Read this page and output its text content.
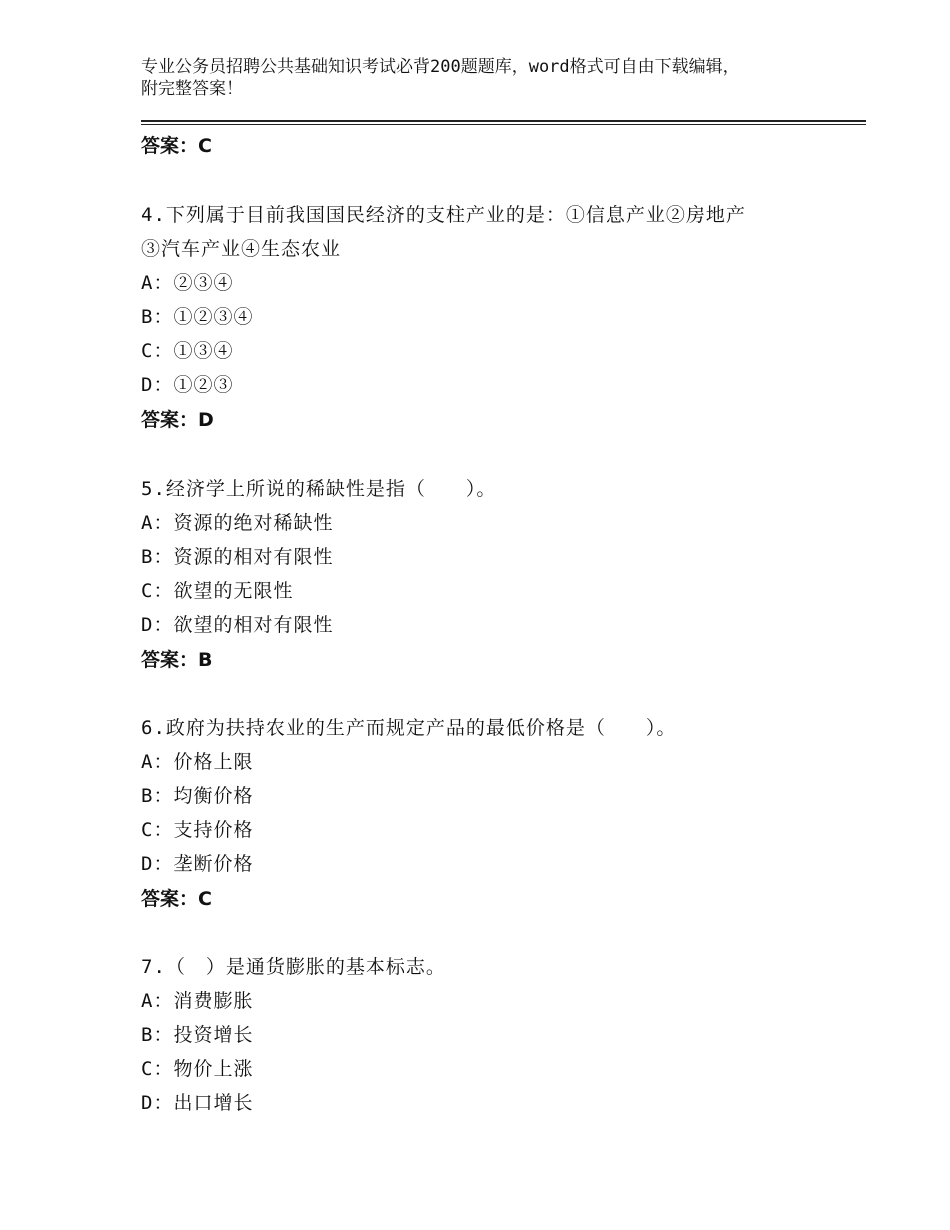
专业公务员招聘公共基础知识考试必背200题题库，word格式可自由下载编辑，
附完整答案！
答案：C
4.下列属于目前我国国民经济的支柱产业的是：①信息产业②房地产
③汽车产业④生态农业
A：②③④
B：①②③④
C：①③④
D：①②③
答案：D
5.经济学上所说的稀缺性是指（　　）。
A：资源的绝对稀缺性
B：资源的相对有限性
C：欲望的无限性
D：欲望的相对有限性
答案：B
6.政府为扶持农业的生产而规定产品的最低价格是（　　）。
A：价格上限
B：均衡价格
C：支持价格
D：垄断价格
答案：C
7.（　）是通货膨胀的基本标志。
A：消费膨胀
B：投资增长
C：物价上涨
D：出口增长
